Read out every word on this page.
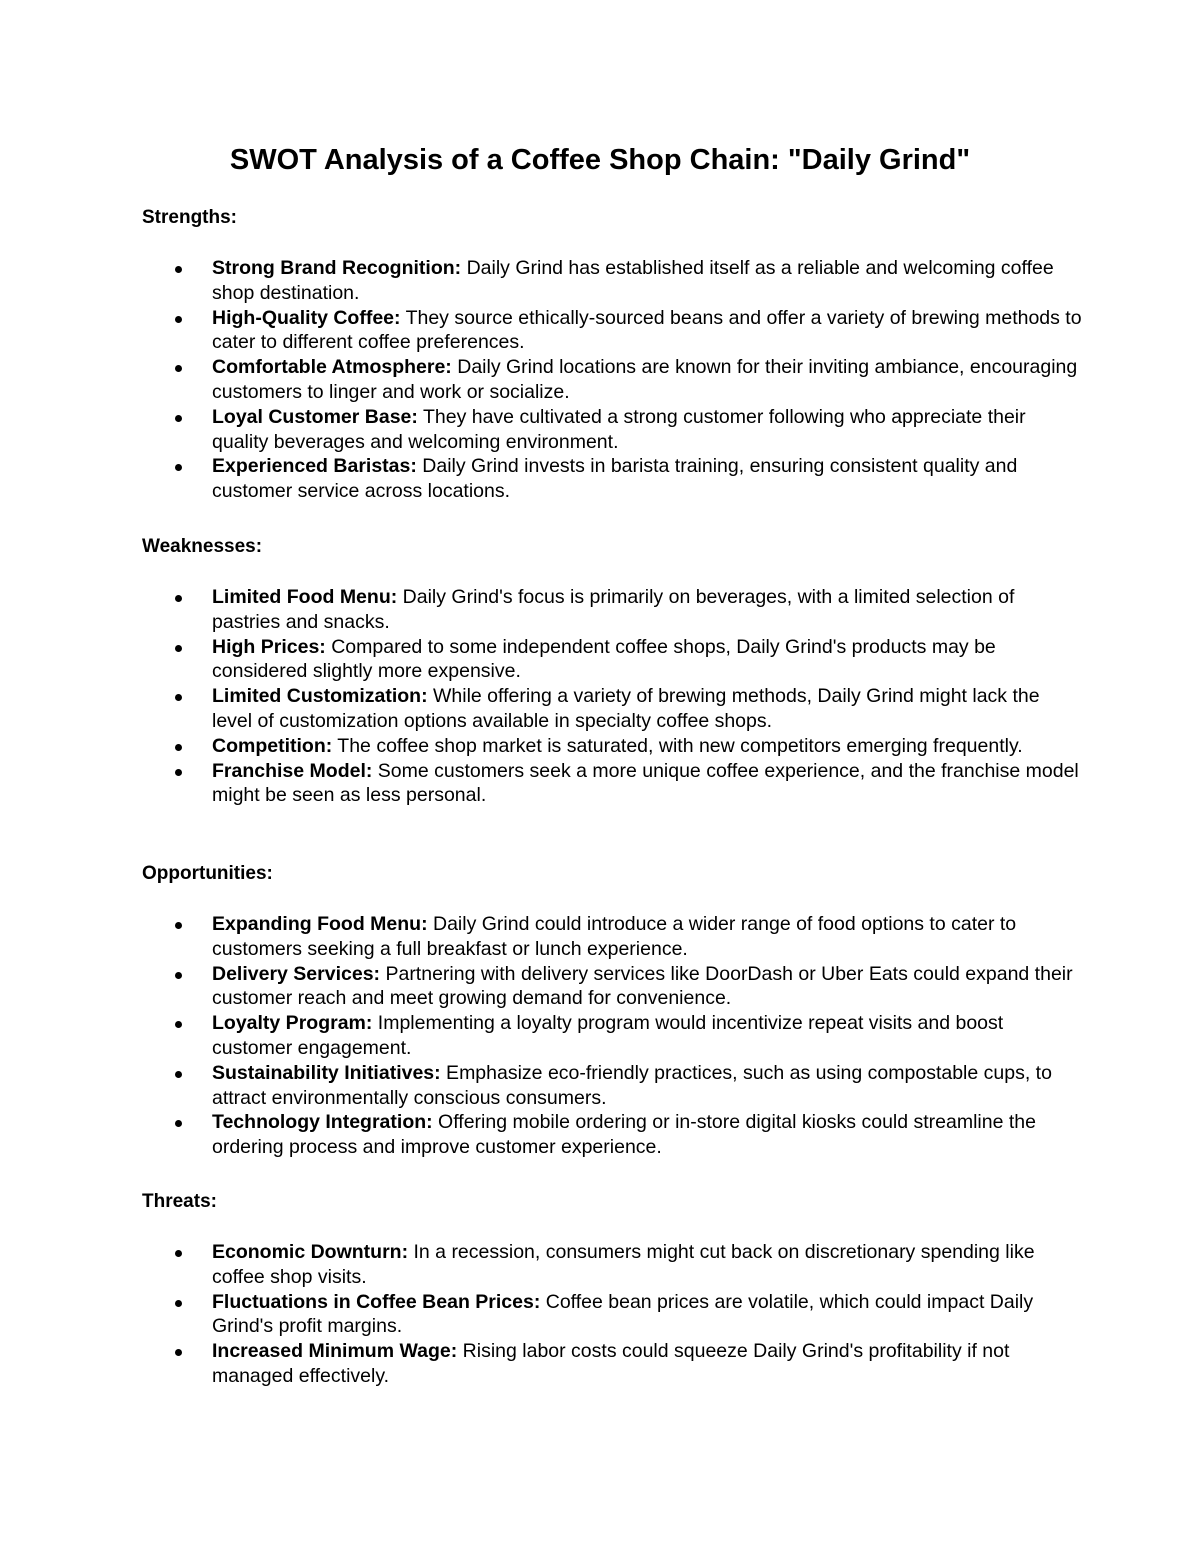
SWOT Analysis of a Coffee Shop Chain: "Daily Grind"
Strengths:
Strong Brand Recognition: Daily Grind has established itself as a reliable and welcoming coffee shop destination.
High-Quality Coffee: They source ethically-sourced beans and offer a variety of brewing methods to cater to different coffee preferences.
Comfortable Atmosphere: Daily Grind locations are known for their inviting ambiance, encouraging customers to linger and work or socialize.
Loyal Customer Base: They have cultivated a strong customer following who appreciate their quality beverages and welcoming environment.
Experienced Baristas: Daily Grind invests in barista training, ensuring consistent quality and customer service across locations.
Weaknesses:
Limited Food Menu: Daily Grind's focus is primarily on beverages, with a limited selection of pastries and snacks.
High Prices: Compared to some independent coffee shops, Daily Grind's products may be considered slightly more expensive.
Limited Customization: While offering a variety of brewing methods, Daily Grind might lack the level of customization options available in specialty coffee shops.
Competition: The coffee shop market is saturated, with new competitors emerging frequently.
Franchise Model: Some customers seek a more unique coffee experience, and the franchise model might be seen as less personal.
Opportunities:
Expanding Food Menu: Daily Grind could introduce a wider range of food options to cater to customers seeking a full breakfast or lunch experience.
Delivery Services: Partnering with delivery services like DoorDash or Uber Eats could expand their customer reach and meet growing demand for convenience.
Loyalty Program: Implementing a loyalty program would incentivize repeat visits and boost customer engagement.
Sustainability Initiatives: Emphasize eco-friendly practices, such as using compostable cups, to attract environmentally conscious consumers.
Technology Integration: Offering mobile ordering or in-store digital kiosks could streamline the ordering process and improve customer experience.
Threats:
Economic Downturn: In a recession, consumers might cut back on discretionary spending like coffee shop visits.
Fluctuations in Coffee Bean Prices: Coffee bean prices are volatile, which could impact Daily Grind's profit margins.
Increased Minimum Wage: Rising labor costs could squeeze Daily Grind's profitability if not managed effectively.
